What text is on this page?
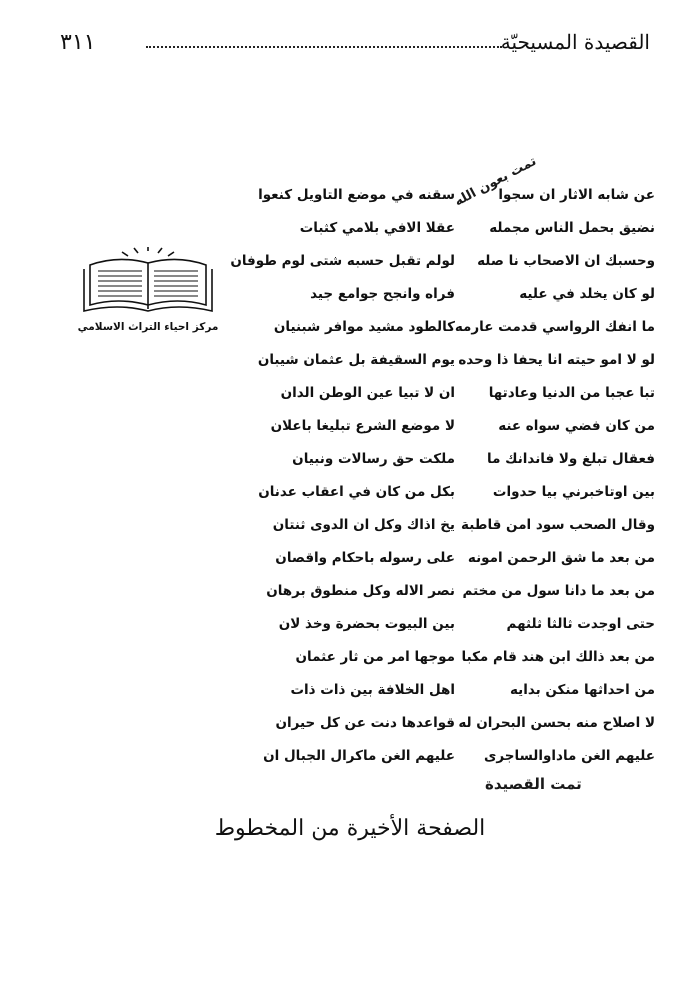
٣١١	القصيدة المسيحيّة
تمت بعون الله
عن شابه الاثار ان سجوا
نضيق بحمل الناس مجمله
وحسبك ان الاصحاب نا صله
لو كان يخلد في عليه
ما انفك الرواسي قدمت عارمه
لو لا امو حيته انا يحفا ذا وحده
تبا عجبا من الدنيا وعادتها
من كان فضي سواه عنه
فعقال تبلغ ولا فاندانك ما
بين اوتاخبرني بيا حدوات
وقال الصحب سود امن قاطبة
من بعد ما شق الرحمن امونه
من بعد ما دانا سول من مختم
حتى اوجدت ثالثا ثلثهم
من بعد ذالك ابن هند قام مكبا
من احداثها منكن بدايه
لا اصلاح منه بحسن البحران له
عليهم الغن ماداوالساجرى
سقنه في موضع التاويل كنعوا
عقلا الافي بلامي كثبات
لولم تقبل حسبه شتى لوم طوفان
فراه وانجح جوامع جيد
كالطود مشيد موافر شبنيان
يوم السقيفة بل عثمان شيبان
ان لا تبيا عين الوطن الدان
لا موضع الشرع تبليغا باعلان
ملكت حق رسالات ونبيان
بكل من كان في اعقاب عدنان
يخ اذاك وكل ان الدوى ثنتان
على رسوله باحكام واقصان
نصر الاله وكل منطوق برهان
بين البيوت بحضرة وخذ لان
موجها امر من ثار عثمان
اهل الخلافة بين ذات ذات
قواعدها دنت عن كل حيران
عليهم الغن ماكرال الجبال ان
تمت القصيدة
مركز احياء التراث الاسلامي
الصفحة الأخيرة من المخطوط
